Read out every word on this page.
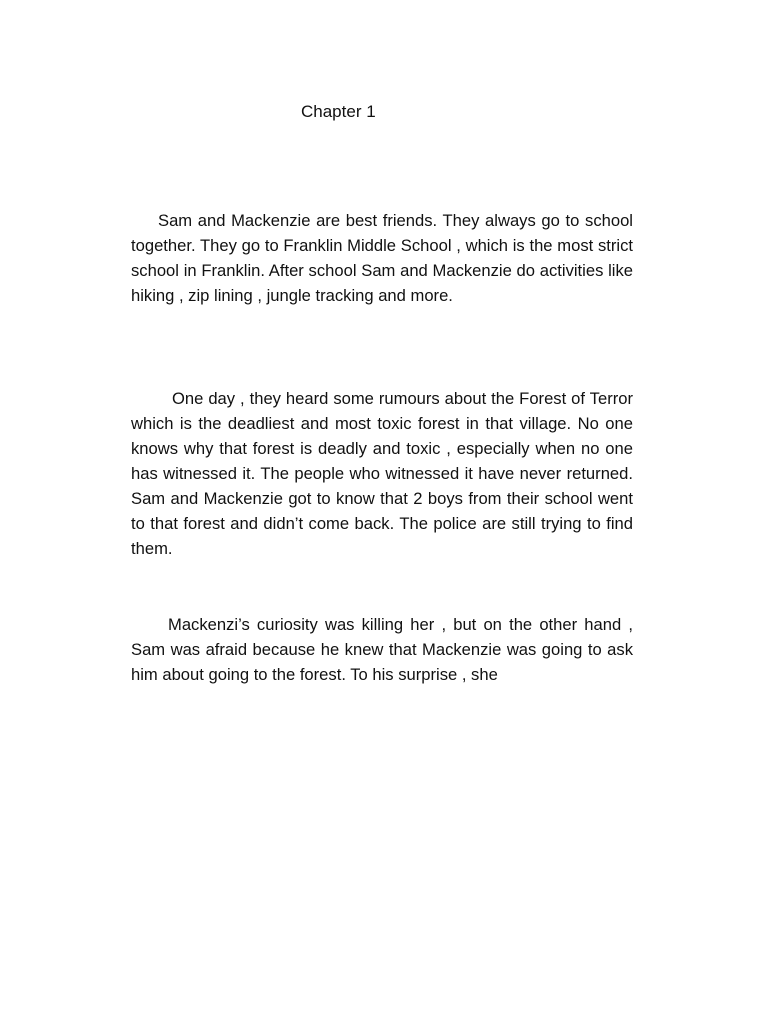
Chapter 1

Sam and Mackenzie are best friends. They always go to school together. They go to Franklin Middle School , which is the most strict school in Franklin. After school Sam and Mackenzie do activities like hiking , zip lining , jungle tracking and more.

One day , they heard some rumours about the Forest of Terror which is the deadliest and most toxic forest in that village. No one knows why that forest is deadly and toxic , especially when no one has witnessed it. The people who witnessed it have never returned. Sam and Mackenzie got to know that 2 boys from their school went to that forest and didn’t come back. The police are still trying to find them.

Mackenzi’s curiosity was killing her , but on the other hand , Sam was afraid because he knew that Mackenzie was going to ask him about going to the forest. To his surprise , she
